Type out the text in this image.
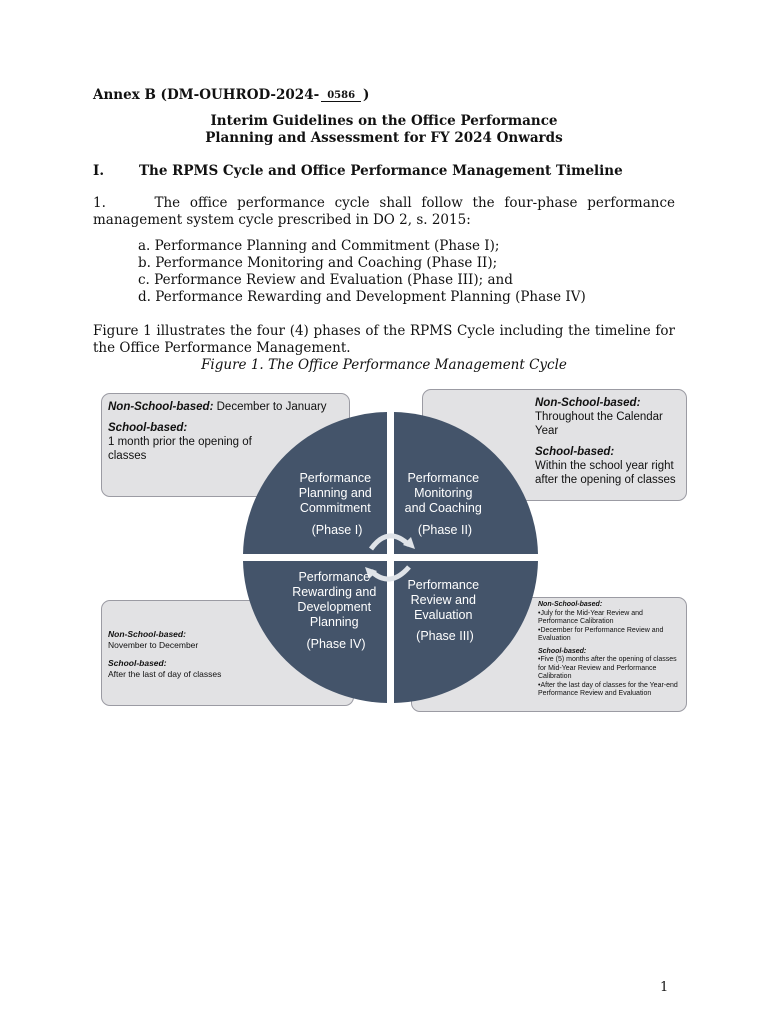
Annex B (DM-OUHROD-2024- 0586 )
Interim Guidelines on the Office Performance
Planning and Assessment for FY 2024 Onwards
I.	The RPMS Cycle and Office Performance Management Timeline
1.     The office performance cycle shall follow the four-phase performance
management system cycle prescribed in DO 2, s. 2015:
a. Performance Planning and Commitment (Phase I);
b. Performance Monitoring and Coaching (Phase II);
c. Performance Review and Evaluation (Phase III); and
d. Performance Rewarding and Development Planning (Phase IV)
Figure 1 illustrates the four (4) phases of the RPMS Cycle including the timeline for
the Office Performance Management.
Figure 1. The Office Performance Management Cycle
Non-School-based: December to January
School-based:
1 month prior the opening of classes
Non-School-based:
Throughout the Calendar Year
School-based:
Within the school year right after the opening of classes
Non-School-based:
November to December
School-based:
After the last of day of classes
Non-School-based:
•July for the Mid-Year Review and Performance Calibration
•December for Performance Review and Evaluation
School-based:
•Five (5) months after the opening of classes for Mid-Year Review and Performance Calibration
•After the last day of classes for the Year-end Performance Review and Evaluation
Performance Planning and Commitment (Phase I)
Performance Monitoring and Coaching (Phase II)
Performance Review and Evaluation (Phase III)
Performance Rewarding and Development Planning (Phase IV)
1
